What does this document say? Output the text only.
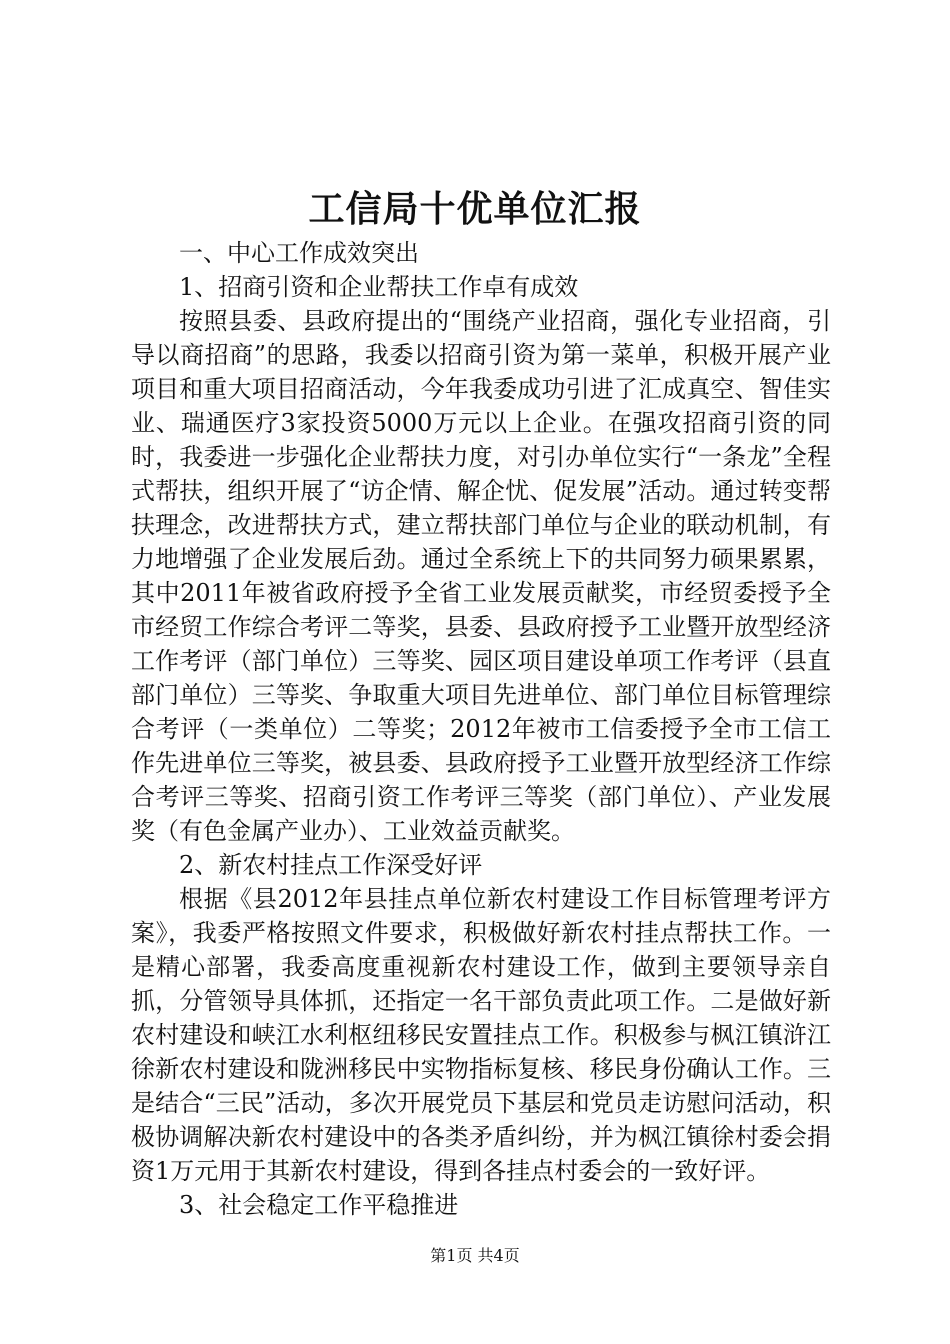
工信局十优单位汇报

一、中心工作成效突出

1、招商引资和企业帮扶工作卓有成效

按照县委、县政府提出的“围绕产业招商，强化专业招商，引导以商招商”的思路，我委以招商引资为第一菜单，积极开展产业项目和重大项目招商活动，今年我委成功引进了汇成真空、智佳实业、瑞通医疗3家投资5000万元以上企业。在强攻招商引资的同时，我委进一步强化企业帮扶力度，对引办单位实行“一条龙”全程式帮扶，组织开展了“访企情、解企忧、促发展”活动。通过转变帮扶理念，改进帮扶方式，建立帮扶部门单位与企业的联动机制，有力地增强了企业发展后劲。通过全系统上下的共同努力硕果累累，其中2011年被省政府授予全省工业发展贡献奖，市经贸委授予全市经贸工作综合考评二等奖，县委、县政府授予工业暨开放型经济工作考评（部门单位）三等奖、园区项目建设单项工作考评（县直部门单位）三等奖、争取重大项目先进单位、部门单位目标管理综合考评（一类单位）二等奖；2012年被市工信委授予全市工信工作先进单位三等奖，被县委、县政府授予工业暨开放型经济工作综合考评三等奖、招商引资工作考评三等奖（部门单位）、产业发展奖（有色金属产业办）、工业效益贡献奖。

2、新农村挂点工作深受好评

根据《县2012年县挂点单位新农村建设工作目标管理考评方案》，我委严格按照文件要求，积极做好新农村挂点帮扶工作。一是精心部署，我委高度重视新农村建设工作，做到主要领导亲自抓，分管领导具体抓，还指定一名干部负责此项工作。二是做好新农村建设和峡江水利枢纽移民安置挂点工作。积极参与枫江镇浒江徐新农村建设和陇洲移民中实物指标复核、移民身份确认工作。三是结合“三民”活动，多次开展党员下基层和党员走访慰问活动，积极协调解决新农村建设中的各类矛盾纠纷，并为枫江镇徐村委会捐资1万元用于其新农村建设，得到各挂点村委会的一致好评。

3、社会稳定工作平稳推进

第1页 共4页
